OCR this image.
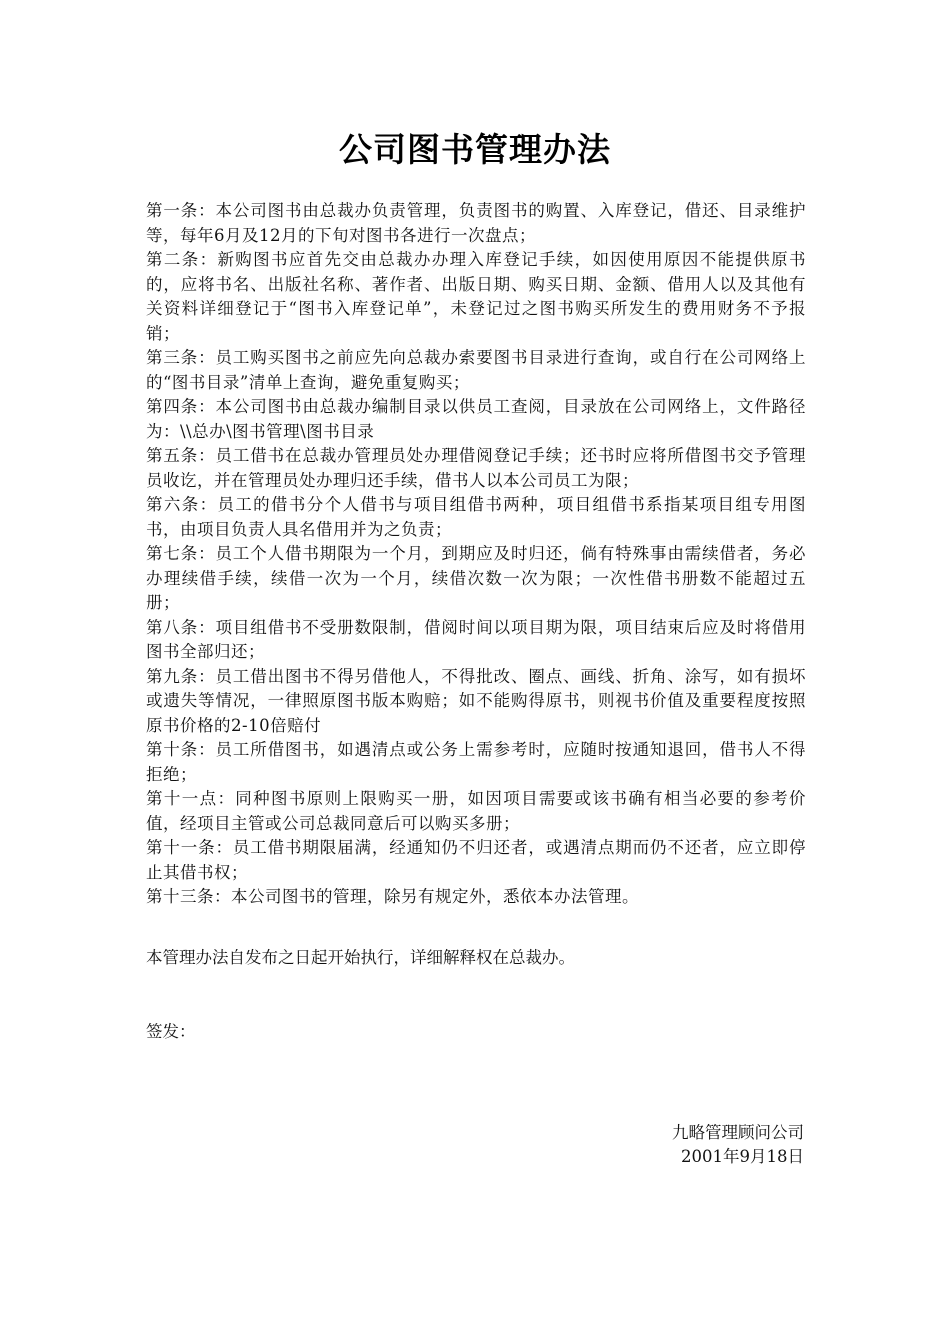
公司图书管理办法
第一条：本公司图书由总裁办负责管理，负责图书的购置、入库登记，借还、目录维护等，每年6月及12月的下旬对图书各进行一次盘点；
第二条：新购图书应首先交由总裁办办理入库登记手续，如因使用原因不能提供原书的，应将书名、出版社名称、著作者、出版日期、购买日期、金额、借用人以及其他有关资料详细登记于“图书入库登记单”，未登记过之图书购买所发生的费用财务不予报销；
第三条：员工购买图书之前应先向总裁办索要图书目录进行查询，或自行在公司网络上的“图书目录”清单上查询，避免重复购买；
第四条：本公司图书由总裁办编制目录以供员工查阅，目录放在公司网络上，文件路径为：\\总办\图书管理\图书目录
第五条：员工借书在总裁办管理员处办理借阅登记手续；还书时应将所借图书交予管理员收讫，并在管理员处办理归还手续，借书人以本公司员工为限；
第六条：员工的借书分个人借书与项目组借书两种，项目组借书系指某项目组专用图书，由项目负责人具名借用并为之负责；
第七条：员工个人借书期限为一个月，到期应及时归还，倘有特殊事由需续借者，务必办理续借手续，续借一次为一个月，续借次数一次为限；一次性借书册数不能超过五册；
第八条：项目组借书不受册数限制，借阅时间以项目期为限，项目结束后应及时将借用图书全部归还；
第九条：员工借出图书不得另借他人，不得批改、圈点、画线、折角、涂写，如有损坏或遗失等情况，一律照原图书版本购赔；如不能购得原书，则视书价值及重要程度按照原书价格的2-10倍赔付
第十条：员工所借图书，如遇清点或公务上需参考时，应随时按通知退回，借书人不得拒绝；
第十一点：同种图书原则上限购买一册，如因项目需要或该书确有相当必要的参考价值，经项目主管或公司总裁同意后可以购买多册；
第十一条：员工借书期限届满，经通知仍不归还者，或遇清点期而仍不还者，应立即停止其借书权；
第十三条：本公司图书的管理，除另有规定外，悉依本办法管理。
本管理办法自发布之日起开始执行，详细解释权在总裁办。
签发：
九略管理顾问公司
2001年9月18日
